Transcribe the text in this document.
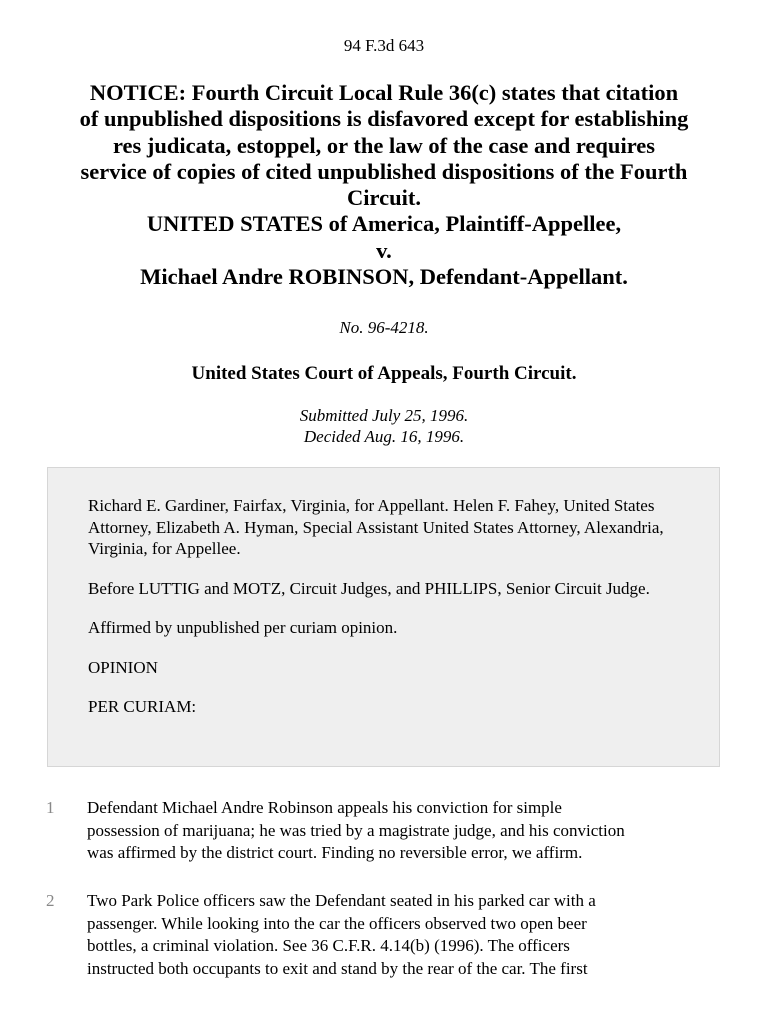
94 F.3d 643
NOTICE: Fourth Circuit Local Rule 36(c) states that citation
of unpublished dispositions is disfavored except for establishing
res judicata, estoppel, or the law of the case and requires
service of copies of cited unpublished dispositions of the Fourth
Circuit.
UNITED STATES of America, Plaintiff-Appellee,
v.
Michael Andre ROBINSON, Defendant-Appellant.
No. 96-4218.
United States Court of Appeals, Fourth Circuit.
Submitted July 25, 1996.
Decided Aug. 16, 1996.

Richard E. Gardiner, Fairfax, Virginia, for Appellant. Helen F. Fahey, United States Attorney, Elizabeth A. Hyman, Special Assistant United States Attorney, Alexandria, Virginia, for Appellee.

Before LUTTIG and MOTZ, Circuit Judges, and PHILLIPS, Senior Circuit Judge.

Affirmed by unpublished per curiam opinion.

OPINION

PER CURIAM:

1 Defendant Michael Andre Robinson appeals his conviction for simple
possession of marijuana; he was tried by a magistrate judge, and his conviction
was affirmed by the district court. Finding no reversible error, we affirm.
2 Two Park Police officers saw the Defendant seated in his parked car with a
passenger. While looking into the car the officers observed two open beer
bottles, a criminal violation. See 36 C.F.R. 4.14(b) (1996). The officers
instructed both occupants to exit and stand by the rear of the car. The first
